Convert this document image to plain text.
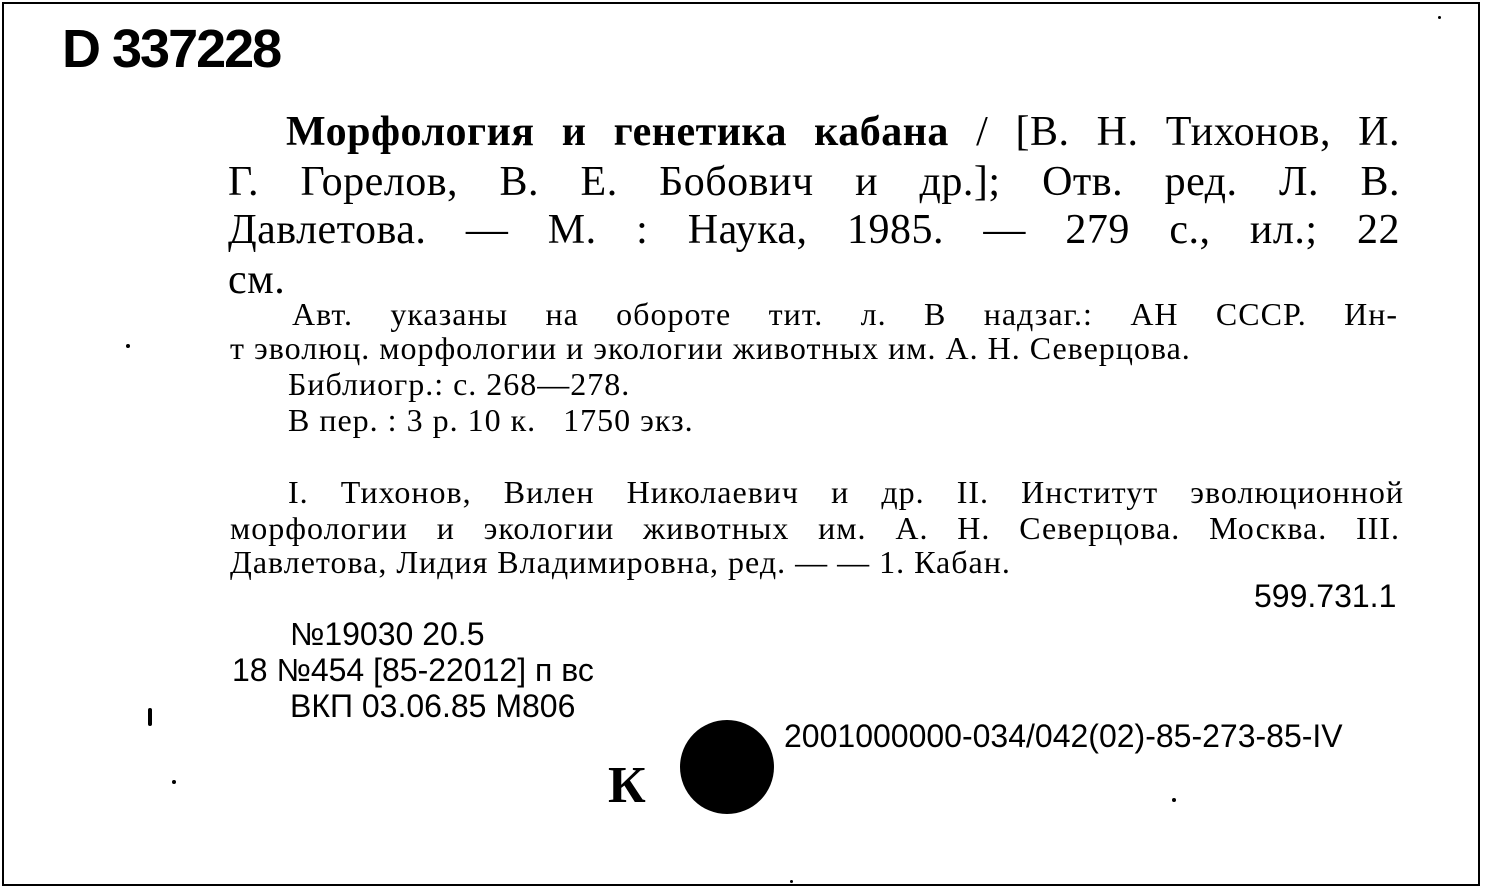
D 337228
Морфология и генетика кабана / [В. Н. Тихонов, И.
Г. Горелов, В. Е. Бобович и др.]; Отв. ред. Л. В.
Давлетова. — М. : Наука, 1985. — 279 с., ил.; 22
см.
Авт. указаны на обороте тит. л. В надзаг.: АН СССР. Ин-
т эволюц. морфологии и экологии животных им. А. Н. Северцова.
Библиогр.: с. 268—278.
В пер. : 3 р. 10 к.   1750 экз.
I. Тихонов, Вилен Николаевич и др. II. Институт эволюционной
морфологии и экологии животных им. А. Н. Северцова. Москва. III.
Давлетова, Лидия Владимировна, ред. — — 1. Кабан.
599.731.1
№19030 20.5
18 №454 [85-22012] п вс
ВКП 03.06.85 М806
2001000000-034/042(02)-85-273-85-IV
К
